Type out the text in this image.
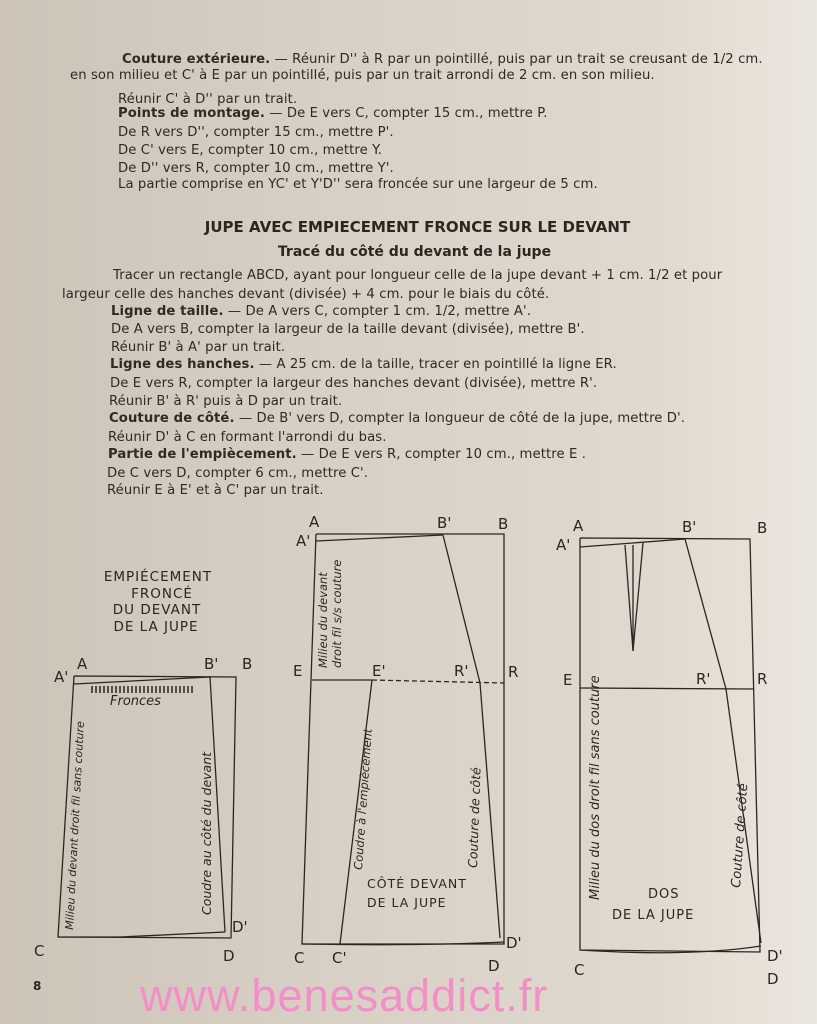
Couture extérieure. — Réunir D'' à R par un pointillé, puis par un trait se creusant de 1/2 cm.
en son milieu et C' à E par un pointillé, puis par un trait arrondi de 2 cm. en son milieu.
Réunir C' à D'' par un trait.
Points de montage. — De E vers C, compter 15 cm., mettre P.
De R vers D'', compter 15 cm., mettre P'.
De C' vers E, compter 10 cm., mettre Y.
De D'' vers R, compter 10 cm., mettre Y'.
La partie comprise en YC' et Y'D'' sera froncée sur une largeur de 5 cm.
JUPE AVEC EMPIECEMENT FRONCE SUR LE DEVANT
Tracé du côté du devant de la jupe
Tracer un rectangle ABCD, ayant pour longueur celle de la jupe devant + 1 cm. 1/2 et pour
largeur celle des hanches devant (divisée) + 4 cm. pour le biais du côté.
Ligne de taille. — De A vers C, compter 1 cm. 1/2, mettre A'.
De A vers B, compter la largeur de la taille devant (divisée), mettre B'.
Réunir B' à A' par un trait.
Ligne des hanches. — A 25 cm. de la taille, tracer en pointillé la ligne ER.
De E vers R, compter la largeur des hanches devant (divisée), mettre R'.
Réunir B' à R' puis à D par un trait.
Couture de côté. — De B' vers D, compter la longueur de côté de la jupe, mettre D'.
Réunir D' à C en formant l'arrondi du bas.
Partie de l'empiècement. — De E vers R, compter 10 cm., mettre E .
De C vers D, compter 6 cm., mettre C'.
Réunir E à E' et à C' par un trait.
EMPIÉCEMENT
FRONCÉ
DU DEVANT
DE LA JUPE
A'
A	B' B
C
D'
D
Fronces
Milieu du devant droit fil sans couture	Coudre au côté du devant
A
A'
B'	B
E	E'	R'	R
C C'
D'
D
Milieu du devant droit fil s/s couture
Coudre à l'empiècement	Couture de côté
CÔTÉ DEVANT
DE LA JUPE
A
A'
B'	B
E	R'	R
C
D'
D
Milieu du dos droit fil sans couture	Couture de côté
DOS
DE LA JUPE
8 www.benesaddict.fr
